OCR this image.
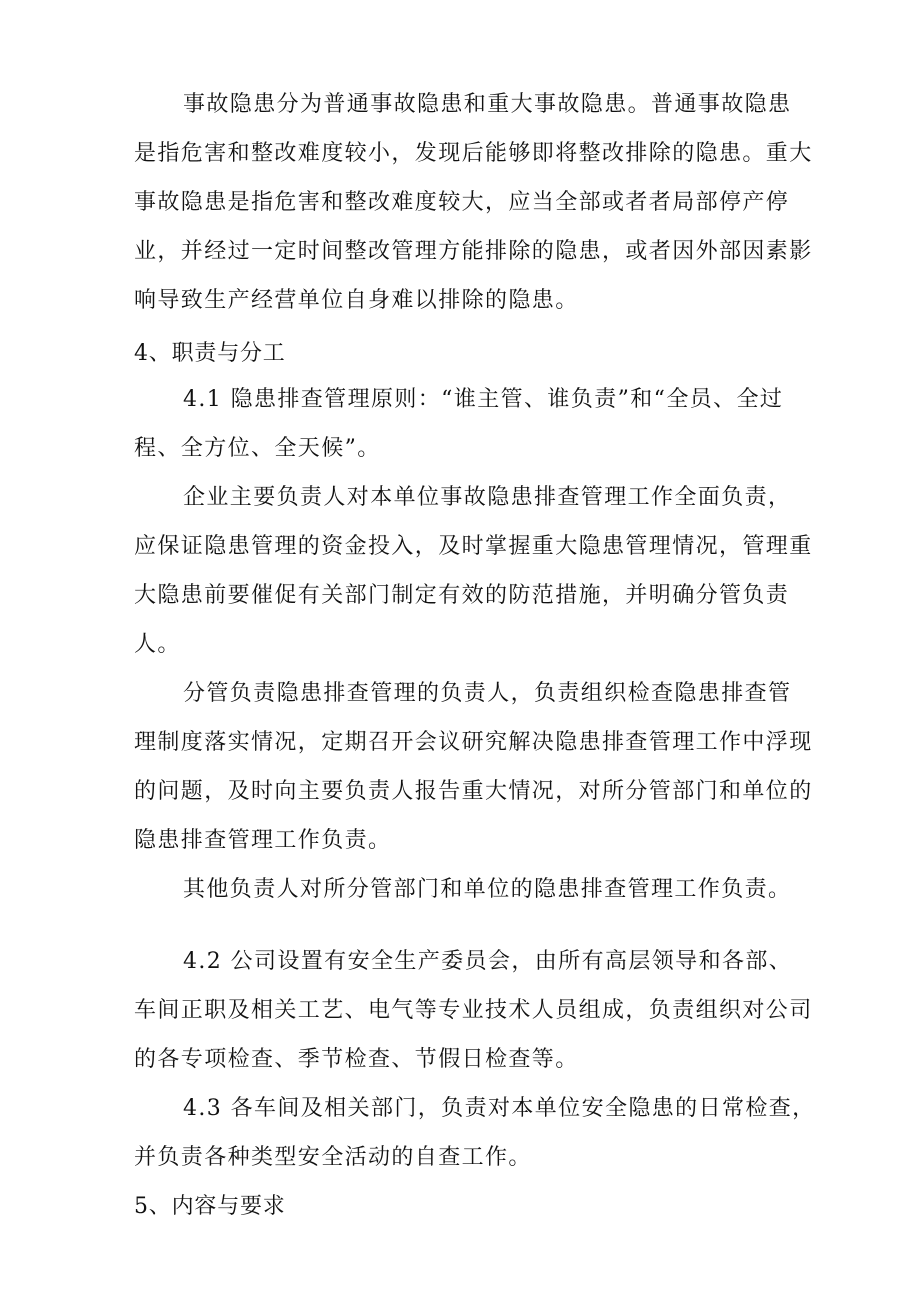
事故隐患分为普通事故隐患和重大事故隐患。普通事故隐患
是指危害和整改难度较小，发现后能够即将整改排除的隐患。重大
事故隐患是指危害和整改难度较大，应当全部或者者局部停产停
业，并经过一定时间整改管理方能排除的隐患，或者因外部因素影
响导致生产经营单位自身难以排除的隐患。
4、职责与分工
4.1 隐患排查管理原则：“谁主管、谁负责”和“全员、全过
程、全方位、全天候”。
企业主要负责人对本单位事故隐患排查管理工作全面负责，
应保证隐患管理的资金投入，及时掌握重大隐患管理情况，管理重
大隐患前要催促有关部门制定有效的防范措施，并明确分管负责
人。
分管负责隐患排查管理的负责人，负责组织检查隐患排查管
理制度落实情况，定期召开会议研究解决隐患排查管理工作中浮现
的问题，及时向主要负责人报告重大情况，对所分管部门和单位的
隐患排查管理工作负责。
其他负责人对所分管部门和单位的隐患排查管理工作负责。
4.2 公司设置有安全生产委员会，由所有高层领导和各部、
车间正职及相关工艺、电气等专业技术人员组成，负责组织对公司
的各专项检查、季节检查、节假日检查等。
4.3 各车间及相关部门，负责对本单位安全隐患的日常检查，
并负责各种类型安全活动的自查工作。
5、内容与要求
